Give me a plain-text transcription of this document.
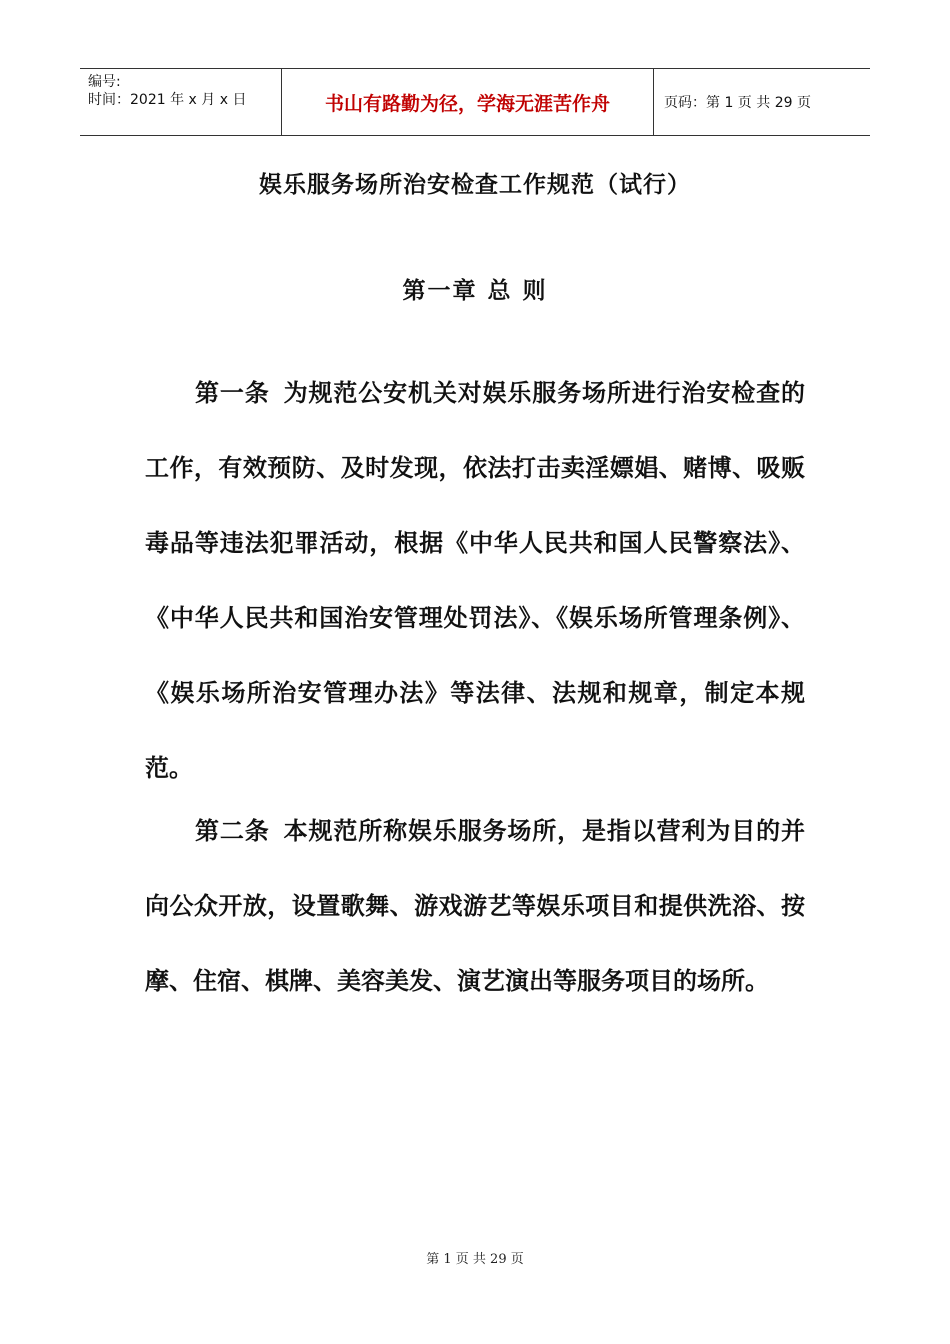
编号:
时间：2021 年 x 月 x 日	书山有路勤为径，学海无涯苦作舟	页码：第 1 页 共 29 页
娱乐服务场所治安检查工作规范（试行）
第一章 总 则
第一条 为规范公安机关对娱乐服务场所进行治安检查的工作，有效预防、及时发现，依法打击卖淫嫖娼、赌博、吸贩毒品等违法犯罪活动，根据《中华人民共和国人民警察法》、《中华人民共和国治安管理处罚法》、《娱乐场所管理条例》、《娱乐场所治安管理办法》等法律、法规和规章，制定本规范。
第二条 本规范所称娱乐服务场所，是指以营利为目的并向公众开放，设置歌舞、游戏游艺等娱乐项目和提供洗浴、按摩、住宿、棋牌、美容美发、演艺演出等服务项目的场所。
第 1 页 共 29 页
